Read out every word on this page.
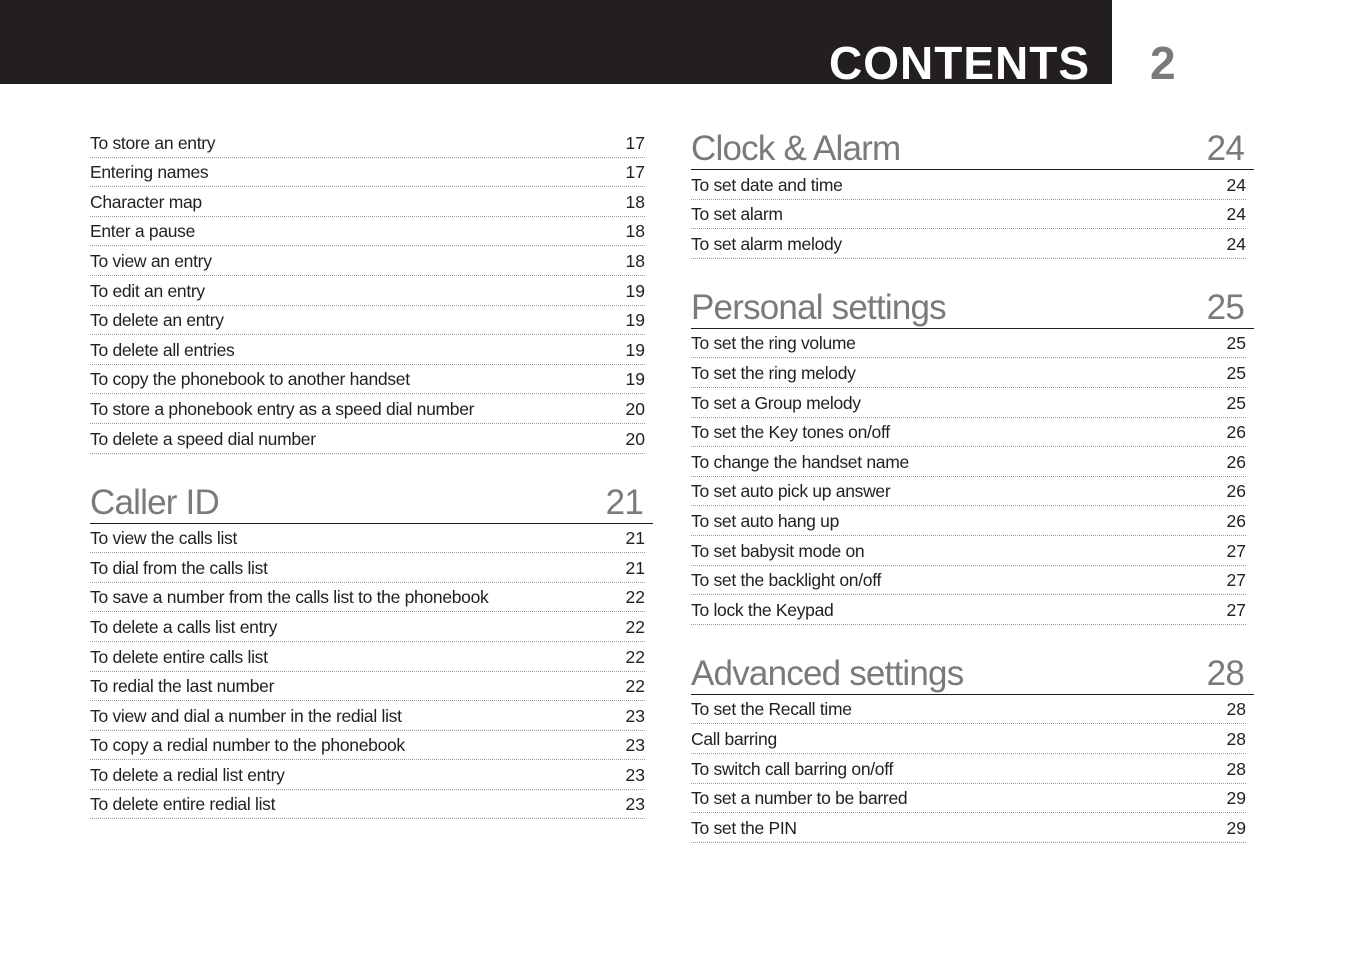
CONTENTS 2
To store an entry	17
Entering names	17
Character map	18
Enter a pause	18
To view an entry	18
To edit an entry	19
To delete an entry	19
To delete all entries	19
To copy the phonebook to another handset	19
To store a phonebook entry as a speed dial number	20
To delete a speed dial number	20
Caller ID	21
To view the calls list	21
To dial from the calls list	21
To save a number from the calls list to the phonebook	22
To delete a calls list entry	22
To delete entire calls list	22
To redial the last number	22
To view and dial a number in the redial list	23
To copy a redial number to the phonebook	23
To delete a redial list entry	23
To delete entire redial list	23
Clock & Alarm	24
To set date and time	24
To set alarm	24
To set alarm melody	24
Personal settings	25
To set the ring volume	25
To set the ring melody	25
To set a Group melody	25
To set the Key tones on/off	26
To change the handset name	26
To set auto pick up answer	26
To set auto hang up	26
To set babysit mode on	27
To set the backlight on/off	27
To lock the Keypad	27
Advanced settings	28
To set the Recall time	28
Call barring	28
To switch call barring on/off	28
To set a number to be barred	29
To set the PIN	29
